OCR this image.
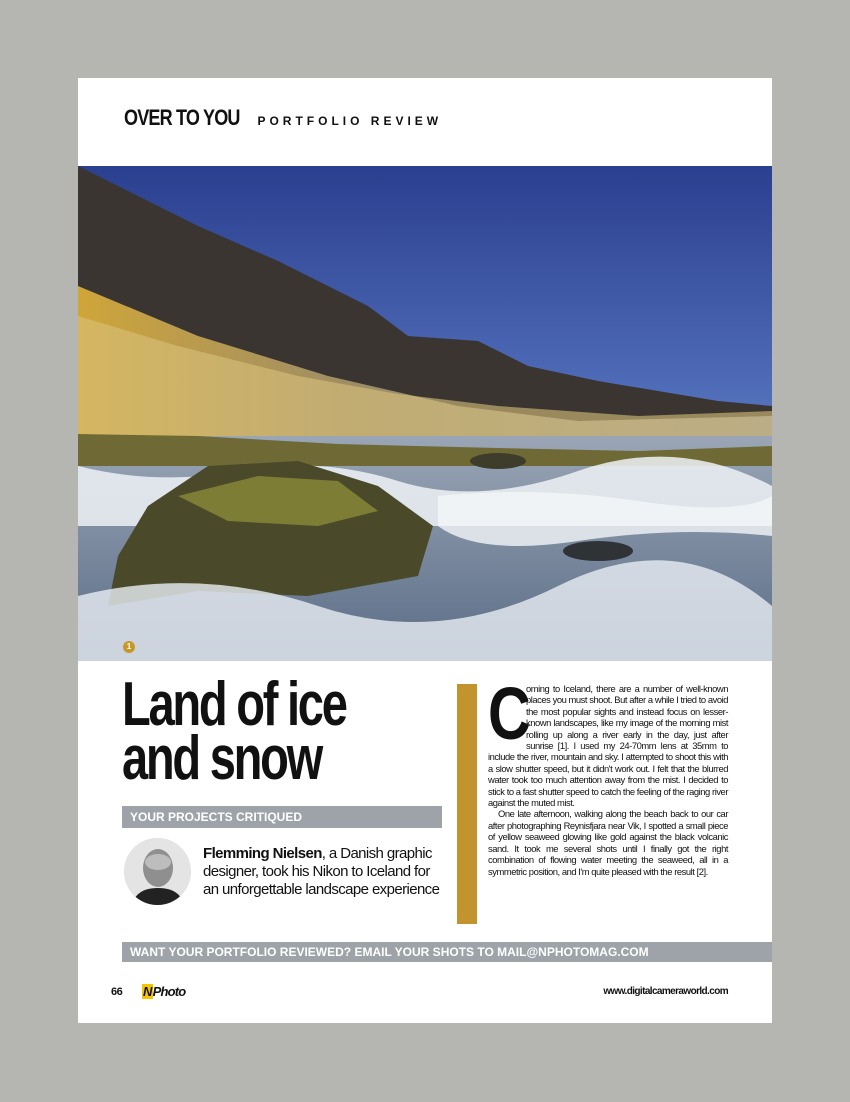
OVER TO YOU PORTFOLIO REVIEW
1
Land of ice
and snow
YOUR PROJECTS CRITIQUED
Flemming Nielsen, a Danish graphic designer, took his Nikon to Iceland for an unforgettable landscape experience

C
oming to Iceland, there are a number of well-known places you must shoot. But after a while I tried to avoid the most popular sights and instead focus on lesser-known landscapes, like my image of the morning mist rolling up along a river early in the day, just after sunrise [1]. I used my 24-70mm lens at 35mm to include the river, mountain and sky. I attempted to shoot this with a slow shutter speed, but it didn't work out. I felt that the blurred water took too much attention away from the mist. I decided to stick to a fast shutter speed to catch the feeling of the raging river against the muted mist.

One late afternoon, walking along the beach back to our car after photographing Reynisfjara near Vik, I spotted a small piece of yellow seaweed glowing like gold against the black volcanic sand. It took me several shots until I finally got the right combination of flowing water meeting the seaweed, all in a symmetric position, and I'm quite pleased with the result [2].

WANT YOUR PORTFOLIO REVIEWED? EMAIL YOUR SHOTS TO MAIL@NPHOTOMAG.COM
66 NPhoto	www.digitalcameraworld.com
